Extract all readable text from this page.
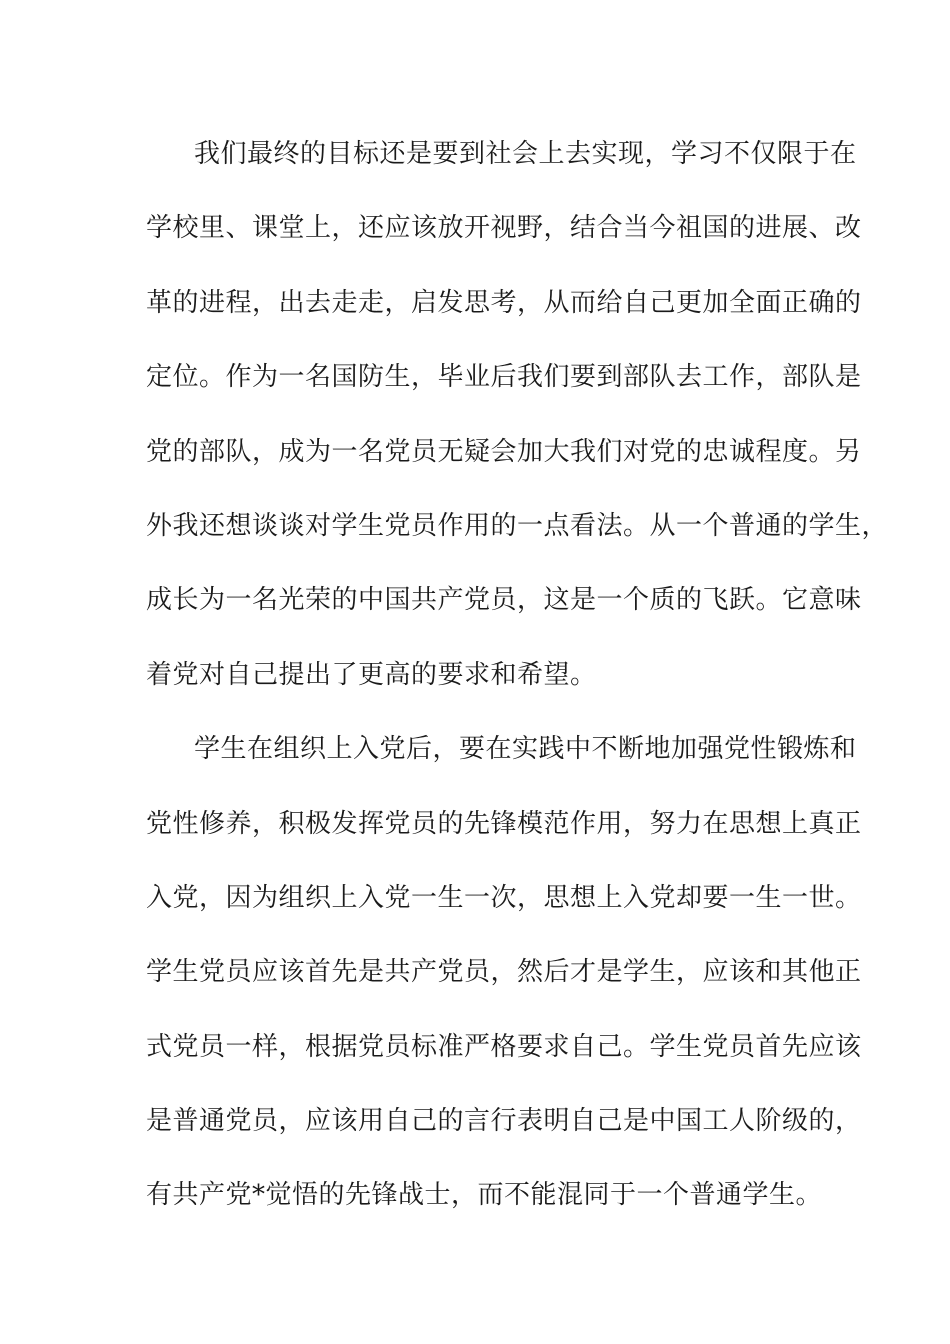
我们最终的目标还是要到社会上去实现，学习不仅限于在
学校里、课堂上，还应该放开视野，结合当今祖国的进展、改
革的进程，出去走走，启发思考，从而给自己更加全面正确的
定位。作为一名国防生，毕业后我们要到部队去工作，部队是
党的部队，成为一名党员无疑会加大我们对党的忠诚程度。另
外我还想谈谈对学生党员作用的一点看法。从一个普通的学生，
成长为一名光荣的中国共产党员，这是一个质的飞跃。它意味
着党对自己提出了更高的要求和希望。
学生在组织上入党后，要在实践中不断地加强党性锻炼和
党性修养，积极发挥党员的先锋模范作用，努力在思想上真正
入党，因为组织上入党一生一次，思想上入党却要一生一世。
学生党员应该首先是共产党员，然后才是学生，应该和其他正
式党员一样，根据党员标准严格要求自己。学生党员首先应该
是普通党员，应该用自己的言行表明自己是中国工人阶级的，
有共产党*觉悟的先锋战士，而不能混同于一个普通学生。
